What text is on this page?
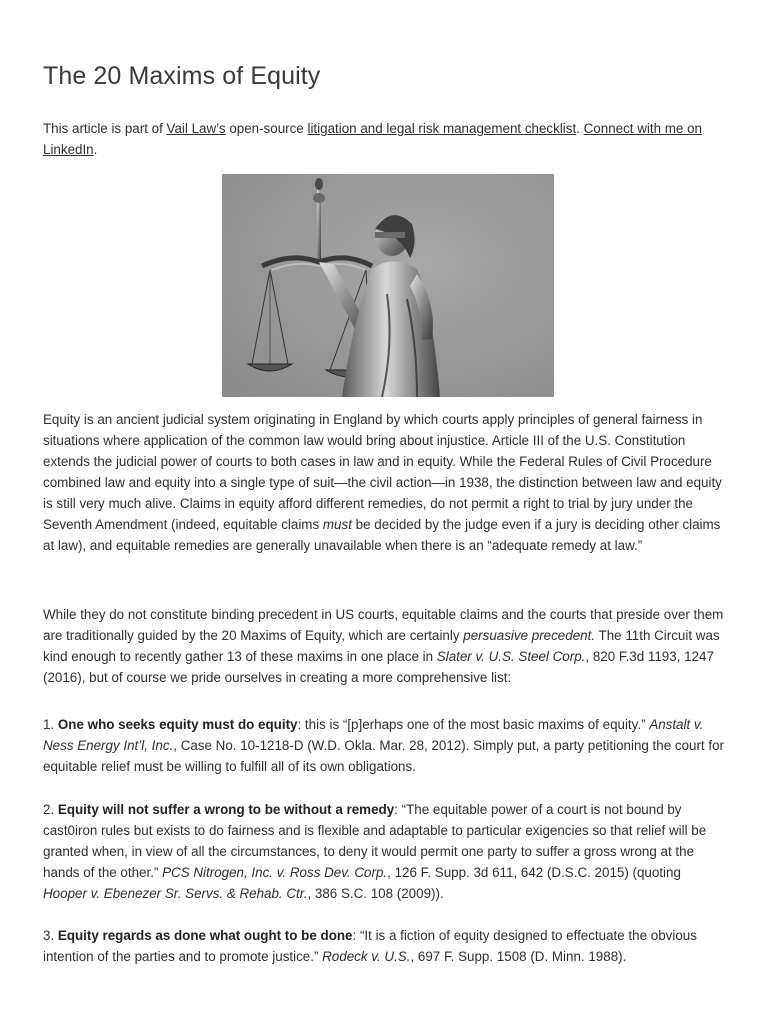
The 20 Maxims of Equity

This article is part of Vail Law’s open-source litigation and legal risk management checklist. Connect with me on LinkedIn.

Equity is an ancient judicial system originating in England by which courts apply principles of general fairness in situations where application of the common law would bring about injustice. Article III of the U.S. Constitution extends the judicial power of courts to both cases in law and in equity. While the Federal Rules of Civil Procedure combined law and equity into a single type of suit—the civil action—in 1938, the distinction between law and equity is still very much alive. Claims in equity afford different remedies, do not permit a right to trial by jury under the Seventh Amendment (indeed, equitable claims must be decided by the judge even if a jury is deciding other claims at law), and equitable remedies are generally unavailable when there is an “adequate remedy at law.”

While they do not constitute binding precedent in US courts, equitable claims and the courts that preside over them are traditionally guided by the 20 Maxims of Equity, which are certainly persuasive precedent. The 11th Circuit was kind enough to recently gather 13 of these maxims in one place in Slater v. U.S. Steel Corp., 820 F.3d 1193, 1247 (2016), but of course we pride ourselves in creating a more comprehensive list:

1. One who seeks equity must do equity: this is “[p]erhaps one of the most basic maxims of equity.” Anstalt v. Ness Energy Int’l, Inc., Case No. 10-1218-D (W.D. Okla. Mar. 28, 2012). Simply put, a party petitioning the court for equitable relief must be willing to fulfill all of its own obligations.

2. Equity will not suffer a wrong to be without a remedy: “The equitable power of a court is not bound by cast0iron rules but exists to do fairness and is flexible and adaptable to particular exigencies so that relief will be granted when, in view of all the circumstances, to deny it would permit one party to suffer a gross wrong at the hands of the other.” PCS Nitrogen, Inc. v. Ross Dev. Corp., 126 F. Supp. 3d 611, 642 (D.S.C. 2015) (quoting Hooper v. Ebenezer Sr. Servs. & Rehab. Ctr., 386 S.C. 108 (2009)).

3. Equity regards as done what ought to be done: “It is a fiction of equity designed to effectuate the obvious intention of the parties and to promote justice.” Rodeck v. U.S., 697 F. Supp. 1508 (D. Minn. 1988).
